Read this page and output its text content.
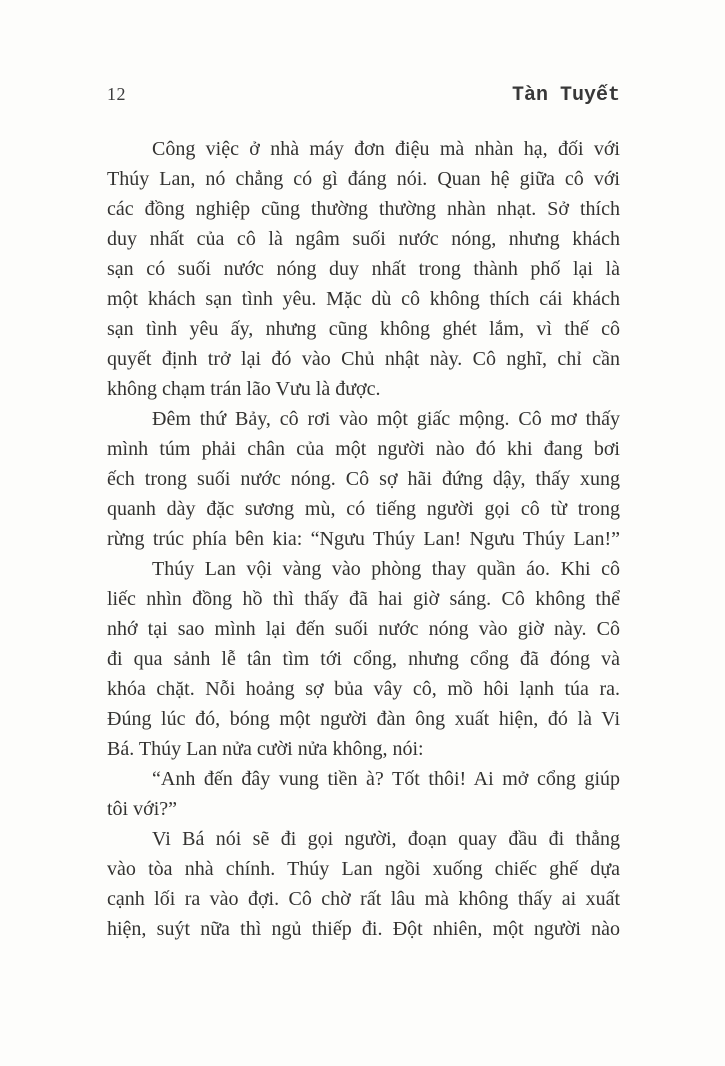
12	Tàn Tuyết
Công việc ở nhà máy đơn điệu mà nhàn hạ, đối với
Thúy Lan, nó chẳng có gì đáng nói. Quan hệ giữa cô với
các đồng nghiệp cũng thường thường nhàn nhạt. Sở thích
duy nhất của cô là ngâm suối nước nóng, nhưng khách
sạn có suối nước nóng duy nhất trong thành phố lại là
một khách sạn tình yêu. Mặc dù cô không thích cái khách
sạn tình yêu ấy, nhưng cũng không ghét lắm, vì thế cô
quyết định trở lại đó vào Chủ nhật này. Cô nghĩ, chỉ cần
không chạm trán lão Vưu là được.
Đêm thứ Bảy, cô rơi vào một giấc mộng. Cô mơ thấy
mình túm phải chân của một người nào đó khi đang bơi
ếch trong suối nước nóng. Cô sợ hãi đứng dậy, thấy xung
quanh dày đặc sương mù, có tiếng người gọi cô từ trong
rừng trúc phía bên kia: “Ngưu Thúy Lan! Ngưu Thúy Lan!”
Thúy Lan vội vàng vào phòng thay quần áo. Khi cô
liếc nhìn đồng hồ thì thấy đã hai giờ sáng. Cô không thể
nhớ tại sao mình lại đến suối nước nóng vào giờ này. Cô
đi qua sảnh lễ tân tìm tới cổng, nhưng cổng đã đóng và
khóa chặt. Nỗi hoảng sợ bủa vây cô, mồ hôi lạnh túa ra.
Đúng lúc đó, bóng một người đàn ông xuất hiện, đó là Vi
Bá. Thúy Lan nửa cười nửa không, nói:
“Anh đến đây vung tiền à? Tốt thôi! Ai mở cổng giúp
tôi với?”
Vi Bá nói sẽ đi gọi người, đoạn quay đầu đi thẳng
vào tòa nhà chính. Thúy Lan ngồi xuống chiếc ghế dựa
cạnh lối ra vào đợi. Cô chờ rất lâu mà không thấy ai xuất
hiện, suýt nữa thì ngủ thiếp đi. Đột nhiên, một người nào
